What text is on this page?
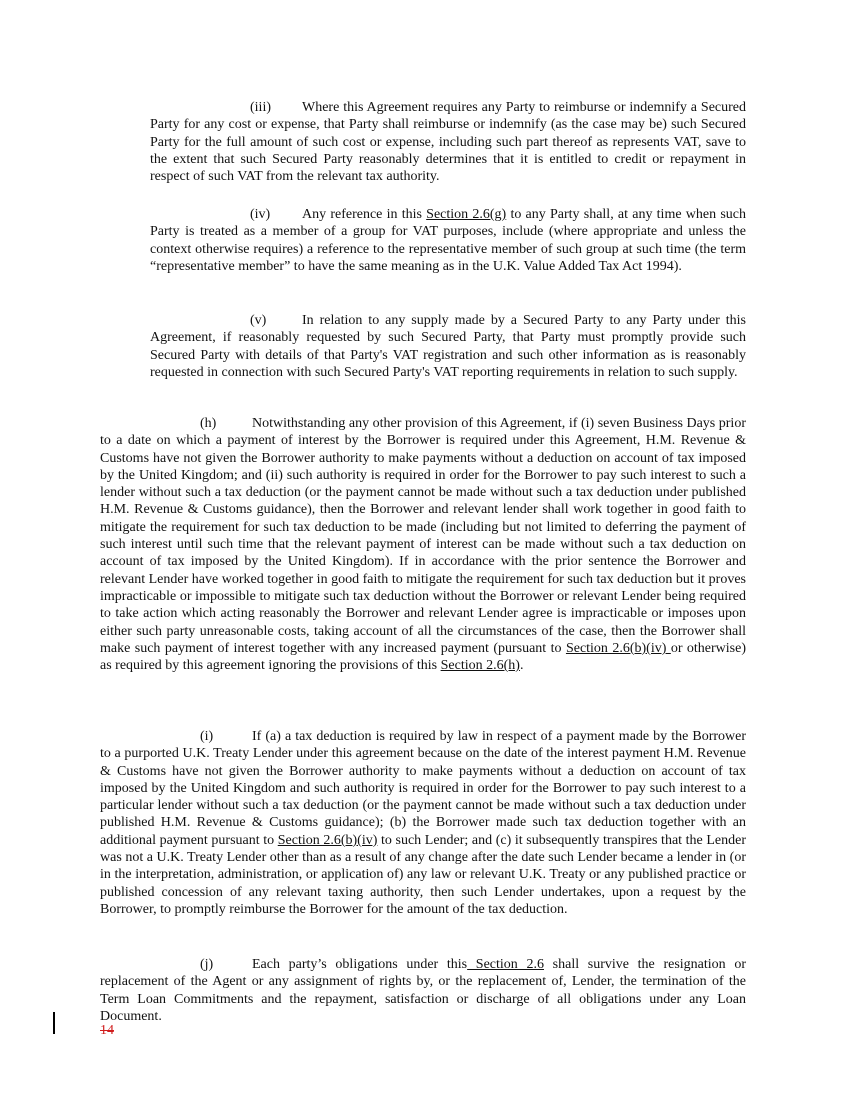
(iii) Where this Agreement requires any Party to reimburse or indemnify a Secured Party for any cost or expense, that Party shall reimburse or indemnify (as the case may be) such Secured Party for the full amount of such cost or expense, including such part thereof as represents VAT, save to the extent that such Secured Party reasonably determines that it is entitled to credit or repayment in respect of such VAT from the relevant tax authority.

(iv) Any reference in this Section 2.6(g) to any Party shall, at any time when such Party is treated as a member of a group for VAT purposes, include (where appropriate and unless the context otherwise requires) a reference to the representative member of such group at such time (the term “representative member” to have the same meaning as in the U.K. Value Added Tax Act 1994).

(v)	In relation to any supply made by a Secured Party to any Party under this Agreement, if reasonably requested by such Secured Party, that Party must promptly provide such Secured Party with details of that Party's VAT registration and such other information as is reasonably requested in connection with such Secured Party's VAT reporting requirements in relation to such supply.

(h)	Notwithstanding any other provision of this Agreement, if (i) seven Business Days prior to a date on which a payment of interest by the Borrower is required under this Agreement, H.M. Revenue & Customs have not given the Borrower authority to make payments without a deduction on account of tax imposed by the United Kingdom; and (ii) such authority is required in order for the Borrower to pay such interest to such a lender without such a tax deduction (or the payment cannot be made without such a tax deduction under published H.M. Revenue & Customs guidance), then the Borrower and relevant lender shall work together in good faith to mitigate the requirement for such tax deduction to be made (including but not limited to deferring the payment of such interest until such time that the relevant payment of interest can be made without such a tax deduction on account of tax imposed by the United Kingdom). If in accordance with the prior sentence the Borrower and relevant Lender have worked together in good faith to mitigate the requirement for such tax deduction but it proves impracticable or impossible to mitigate such tax deduction without the Borrower or relevant Lender being required to take action which acting reasonably the Borrower and relevant Lender agree is impracticable or imposes upon either such party unreasonable costs, taking account of all the circumstances of the case, then the Borrower shall make such payment of interest together with any increased payment (pursuant to Section 2.6(b)(iv) or otherwise) as required by this agreement ignoring the provisions of this Section 2.6(h).

(i)	If (a) a tax deduction is required by law in respect of a payment made by the Borrower to a purported U.K. Treaty Lender under this agreement because on the date of the interest payment H.M. Revenue & Customs have not given the Borrower authority to make payments without a deduction on account of tax imposed by the United Kingdom and such authority is required in order for the Borrower to pay such interest to a particular lender without such a tax deduction (or the payment cannot be made without such a tax deduction under published H.M. Revenue & Customs guidance); (b) the Borrower made such tax deduction together with an additional payment pursuant to Section 2.6(b)(iv) to such Lender; and (c) it subsequently transpires that the Lender was not a U.K. Treaty Lender other than as a result of any change after the date such Lender became a lender in (or in the interpretation, administration, or application of) any law or relevant U.K. Treaty or any published practice or published concession of any relevant taxing authority, then such Lender undertakes, upon a request by the Borrower, to promptly reimburse the Borrower for the amount of the tax deduction.

(j)	Each party’s obligations under this Section 2.6 shall survive the resignation or replacement of the Agent or any assignment of rights by, or the replacement of, Lender, the termination of the Term Loan Commitments and the repayment, satisfaction or discharge of all obligations under any Loan Document.

14
